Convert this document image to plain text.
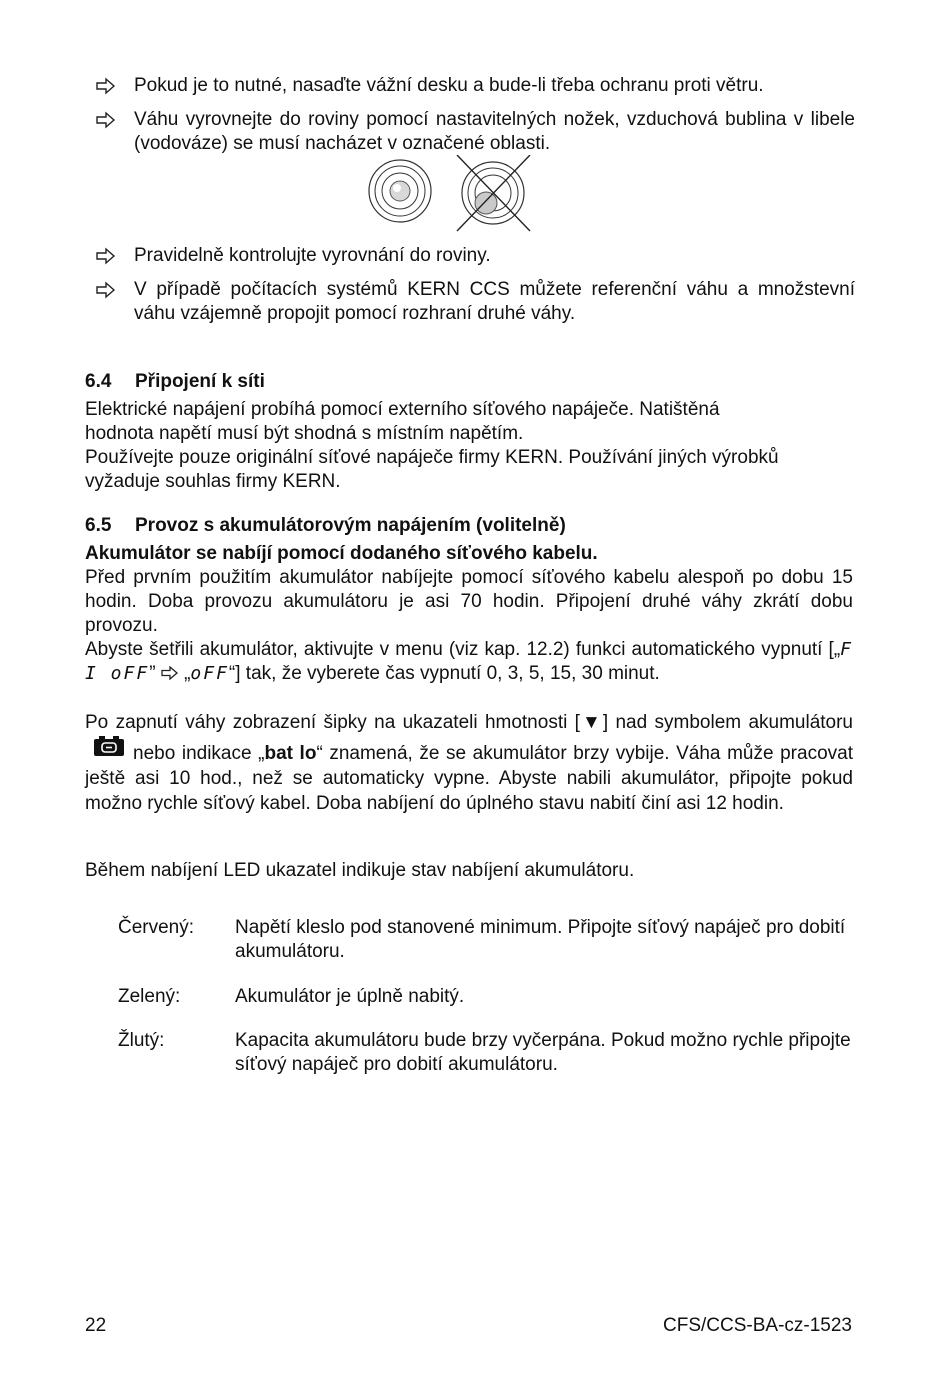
Pokud je to nutné, nasaďte vážní desku a bude-li třeba ochranu proti větru.
Váhu vyrovnejte do roviny pomocí nastavitelných nožek, vzduchová bublina v libele (vodováze) se musí nacházet v označené oblasti.
Pravidelně kontrolujte vyrovnání do roviny.
V případě počítacích systémů KERN CCS můžete referenční váhu a množstevní váhu vzájemně propojit pomocí rozhraní druhé váhy.
6.4 Připojení k síti

Elektrické napájení probíhá pomocí externího síťového napáječe. Natištěná hodnota napětí musí být shodná s místním napětím.

Používejte pouze originální síťové napáječe firmy KERN. Používání jiných výrobků vyžaduje souhlas firmy KERN.

6.5 Provoz s akumulátorovým napájením (volitelně)

Akumulátor se nabíjí pomocí dodaného síťového kabelu.

Před prvním použitím akumulátor nabíjejte pomocí síťového kabelu alespoň po dobu 15 hodin. Doba provozu akumulátoru je asi 70 hodin. Připojení druhé váhy zkrátí dobu provozu.

Abyste šetřili akumulátor, aktivujte v menu (viz kap. 12.2) funkci automatického vypnutí [„F I oFF”  „oFF“] tak, že vyberete čas vypnutí 0, 3, 5, 15, 30 minut.

Po zapnutí váhy zobrazení šipky na ukazateli hmotnosti [▼] nad symbolem akumulátorunebo indikace „bat lo“ znamená, že se akumulátor brzy vybije. Váha může pracovat ještě asi 10 hod., než se automaticky vypne. Abyste nabili akumulátor, připojte pokud možno rychle síťový kabel. Doba nabíjení do úplného stavu nabití činí asi 12 hodin.

Během nabíjení LED ukazatel indikuje stav nabíjení akumulátoru.
Červený:	Napětí kleslo pod stanovené minimum. Připojte síťový napáječ pro dobití akumulátoru.
Zelený:	Akumulátor je úplně nabitý.
Žlutý:	Kapacita akumulátoru bude brzy vyčerpána. Pokud možno rychle připojte síťový napáječ pro dobití akumulátoru.
22	CFS/CCS-BA-cz-1523
